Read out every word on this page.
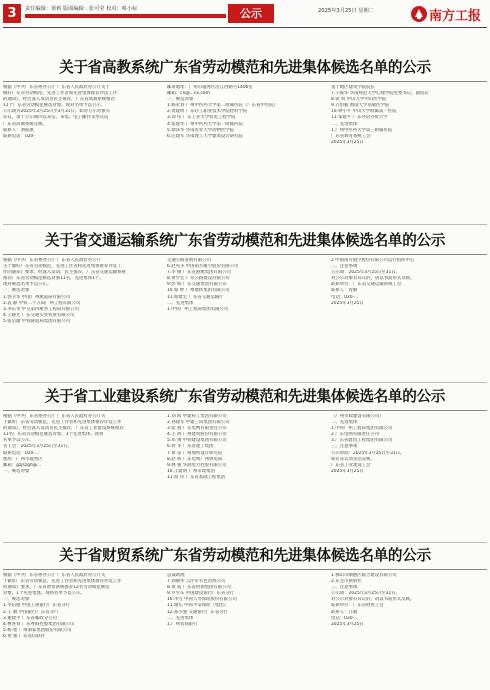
3	责任编辑：黄莉 版面编辑：张可莹 校对：蔡小标	公示	2025年3月25日 星期二	南方工报
关于省高教系统广东省劳动模范和先进集体候选名单的公示

根据《中共广东省委办公厅 广东省人民政府办公厅关于

做好广东省劳动模范、先进工作者和先进集体推荐评选工作

的通知》，经过深入发动及民主推荐，广东省高教系统推荐

11个广东省劳动模范候选对象。现对名单予以公示，

公示期为2025年3月25日至3月31日。如对公示对象有

异议，请于公示期内以来信、来电、电子邮件等形式向

广东省高教系统反映。

联系人：刘振康

联系电话：020-

邮寄地址：广州市越秀区沿江西路号1406室

邮箱：cn@...cx.com

一、候选对象

1.杨永春 广州中医药大学第二附属医院（广东省中医院）

2.龚建明 广东轻工职业技术学院材料学院

3.刘 伟 广东工业大学机电工程学院

4.张建华 广州中医药大学第一附属医院

5.徐泽华 华南农业大学动物医学院

6.汪建军 华南理工大学建筑设计研究院

基于地区建筑学院院长

7.王振华 华南师范大学心理学院党委书记、副院长

8.张 明 中山大学中山医学院

9.万恒毅 暨南大学基础医学院

10.钟小平 中山大学附属第一医院

11.邹建平 广东外语外贸大学

二、先进集体

1.广州中医药大学第三附属医院

广东省教育系统工会

2025年3月25日

关于省交通运输系统广东省劳动模范和先进集体候选名单的公示

根据《中共广东省委办公厅 广东省人民政府办公厅

关于做好广东省劳动模范、先进工作者和先进集体推荐评选工

作的通知》要求，经深入发动、民主推荐，广东省交通运输系统

推荐广东省劳动模范候选对象11名、先进集体1个。

现对候选名单予以公示。

一、候选对象

1.郭卫华 中国广州航道局有限公司

2.袁 静 中铁二十五局广州工程有限公司

3.李东华 中交第四航务工程局有限公司

4.王晓光 广东交通实业投资有限公司

5.张启雄 中铁隧道局集团有限公司

交通公路发展有限公司

6.赵英杰 中国南方航空股份有限公司

7.李 俊 广东省港航集团有限公司

8.黄少宏 广东公路建设有限公司

9.彭 辉 广东交通集团有限公司

10.蔡 婷 广州地铁集团有限公司

11.蔡建宏 广东省交通运输厅

二、先进集体

1.中铁广州工程局集团有限公司

2.中国南方航空股份有限公司运行指挥中心

三、注意事项

公示期：2025年3月25日至31日。

对公示对象有异议的，请以书面形式反映。

联系单位：广东省交通运输系统工会

联系人：曾静

电话：020-...

2025年3月25日

关于省工业建设系统广东省劳动模范和先进集体候选名单的公示

根据《中共广东省委办公厅 广东省人民政府办公厅关

于做好广东省劳动模范、先进工作者和先进集体推荐评选工作

的通知》，经过深入发动及民主推荐，广东省工业建设系统推荐

11名广东省劳动模范候选对象、3个先进集体。现将

名单予以公示。

省工会：2025年3月25日至31日。

联系电话：020-...

地址：广州市越秀区

邮箱：gzjszgh@...

一、候选对象

1.刘 海 中建科工集团有限公司

2.孙建军 中建三局集团有限公司

3.张 燕 广东电网有限责任公司

4.王 鸿 广州建筑股份有限公司

5.邓 翔 中铁建设集团有限公司

6.何 华 广东省建工集团

7.黄 雷 广州地铁设计研究院

8.赵 辉 广东电网广州供电局

9.林 强 华润电力控股有限公司

10.王建明 广州市政集团

11.蔡 伟 广东省基础工程集团

（广州市政建设有限公司）

二、先进集体

1.中铁广州工程局集团有限公司

2.广东电网有限责任公司

3.广东省建筑工程集团有限公司

三、注意事项

公示时间：2025年3月25日至31日。

如有异议请来信反映。

广东省工业建设工会

2025年3月25日

关于省财贸系统广东省劳动模范和先进集体候选名单的公示

根据《中共广东省委办公厅 广东省人民政府办公厅关

于做好广东省劳动模范、先进工作者和先进集体推荐评选工作

的通知》要求，广东省财贸系统推荐12名劳动模范候选

对象、1个先进集体。现将名单予以公示。

一、候选对象

1.李信德 中国工商银行广东省分行

2.王 敏 中国银行广东省分行

3.谢建平 广东省邮政分公司

4.曹喜春 广东粤海控股集团有限公司

5.杨 程 广州酒家集团股份有限公司

6.黄 强 广东农信联社

总裁助理

7.刘丽华 云浮市有色冶炼公司

8.黄 超 广东省供销集团有限公司

9.罗少东 中国建设银行广东省分行

10.李雪 中国人寿保险股份有限公司

11.谢东 中国平安保险（集团）

12.郑少强 交通银行广东省分行

二、先进集体

1.广州农商银行

1.佛山市顺德区联合建设有限公司

2.东莞市供销社

三、注意事项

公示期：2025年3月25日至31日。

对公示对象有异议的，请以书面形式反映。

联系单位：广东省财贸工会

联系人：江敏

电话：020-...

2025年3月25日
